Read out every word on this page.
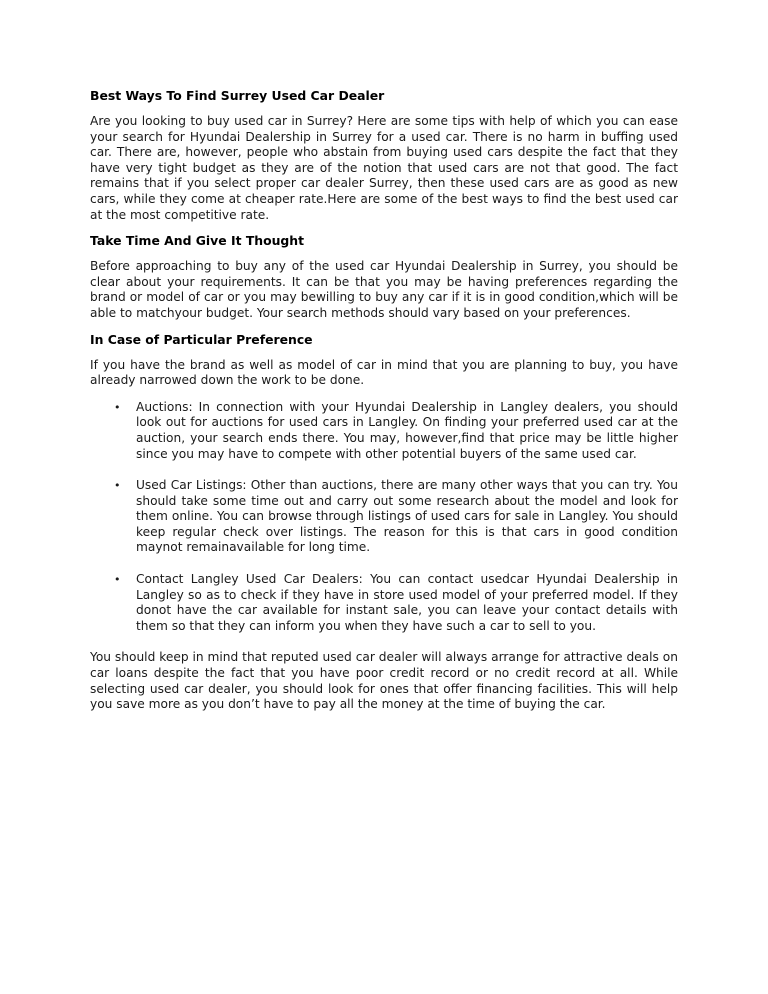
Best Ways To Find Surrey Used Car Dealer

Are you looking to buy used car in Surrey? Here are some tips with help of which you can ease your search for Hyundai Dealership in Surrey for a used car. There is no harm in buffing used car. There are, however, people who abstain from buying used cars despite the fact that they have very tight budget as they are of the notion that used cars are not that good. The fact remains that if you select proper car dealer Surrey, then these used cars are as good as new cars, while they come at cheaper rate.Here are some of the best ways to find the best used car at the most competitive rate.

Take Time And Give It Thought

Before approaching to buy any of the used car Hyundai Dealership in Surrey, you should be clear about your requirements. It can be that you may be having preferences regarding the brand or model of car or you may bewilling to buy any car if it is in good condition,which will be able to matchyour budget. Your search methods should vary based on your preferences.

In Case of Particular Preference

If you have the brand as well as model of car in mind that you are planning to buy, you have already narrowed down the work to be done.

• Auctions: In connection with your Hyundai Dealership in Langley dealers, you should look out for auctions for used cars in Langley. On finding your preferred used car at the auction, your search ends there. You may, however,find that price may be little higher since you may have to compete with other potential buyers of the same used car.
• Used Car Listings: Other than auctions, there are many other ways that you can try. You should take some time out and carry out some research about the model and look for them online. You can browse through listings of used cars for sale in Langley. You should keep regular check over listings. The reason for this is that cars in good condition maynot remainavailable for long time.
• Contact Langley Used Car Dealers: You can contact usedcar Hyundai Dealership in Langley so as to check if they have in store used model of your preferred model. If they donot have the car available for instant sale, you can leave your contact details with them so that they can inform you when they have such a car to sell to you.

You should keep in mind that reputed used car dealer will always arrange for attractive deals on car loans despite the fact that you have poor credit record or no credit record at all. While selecting used car dealer, you should look for ones that offer financing facilities. This will help you save more as you don’t have to pay all the money at the time of buying the car.
